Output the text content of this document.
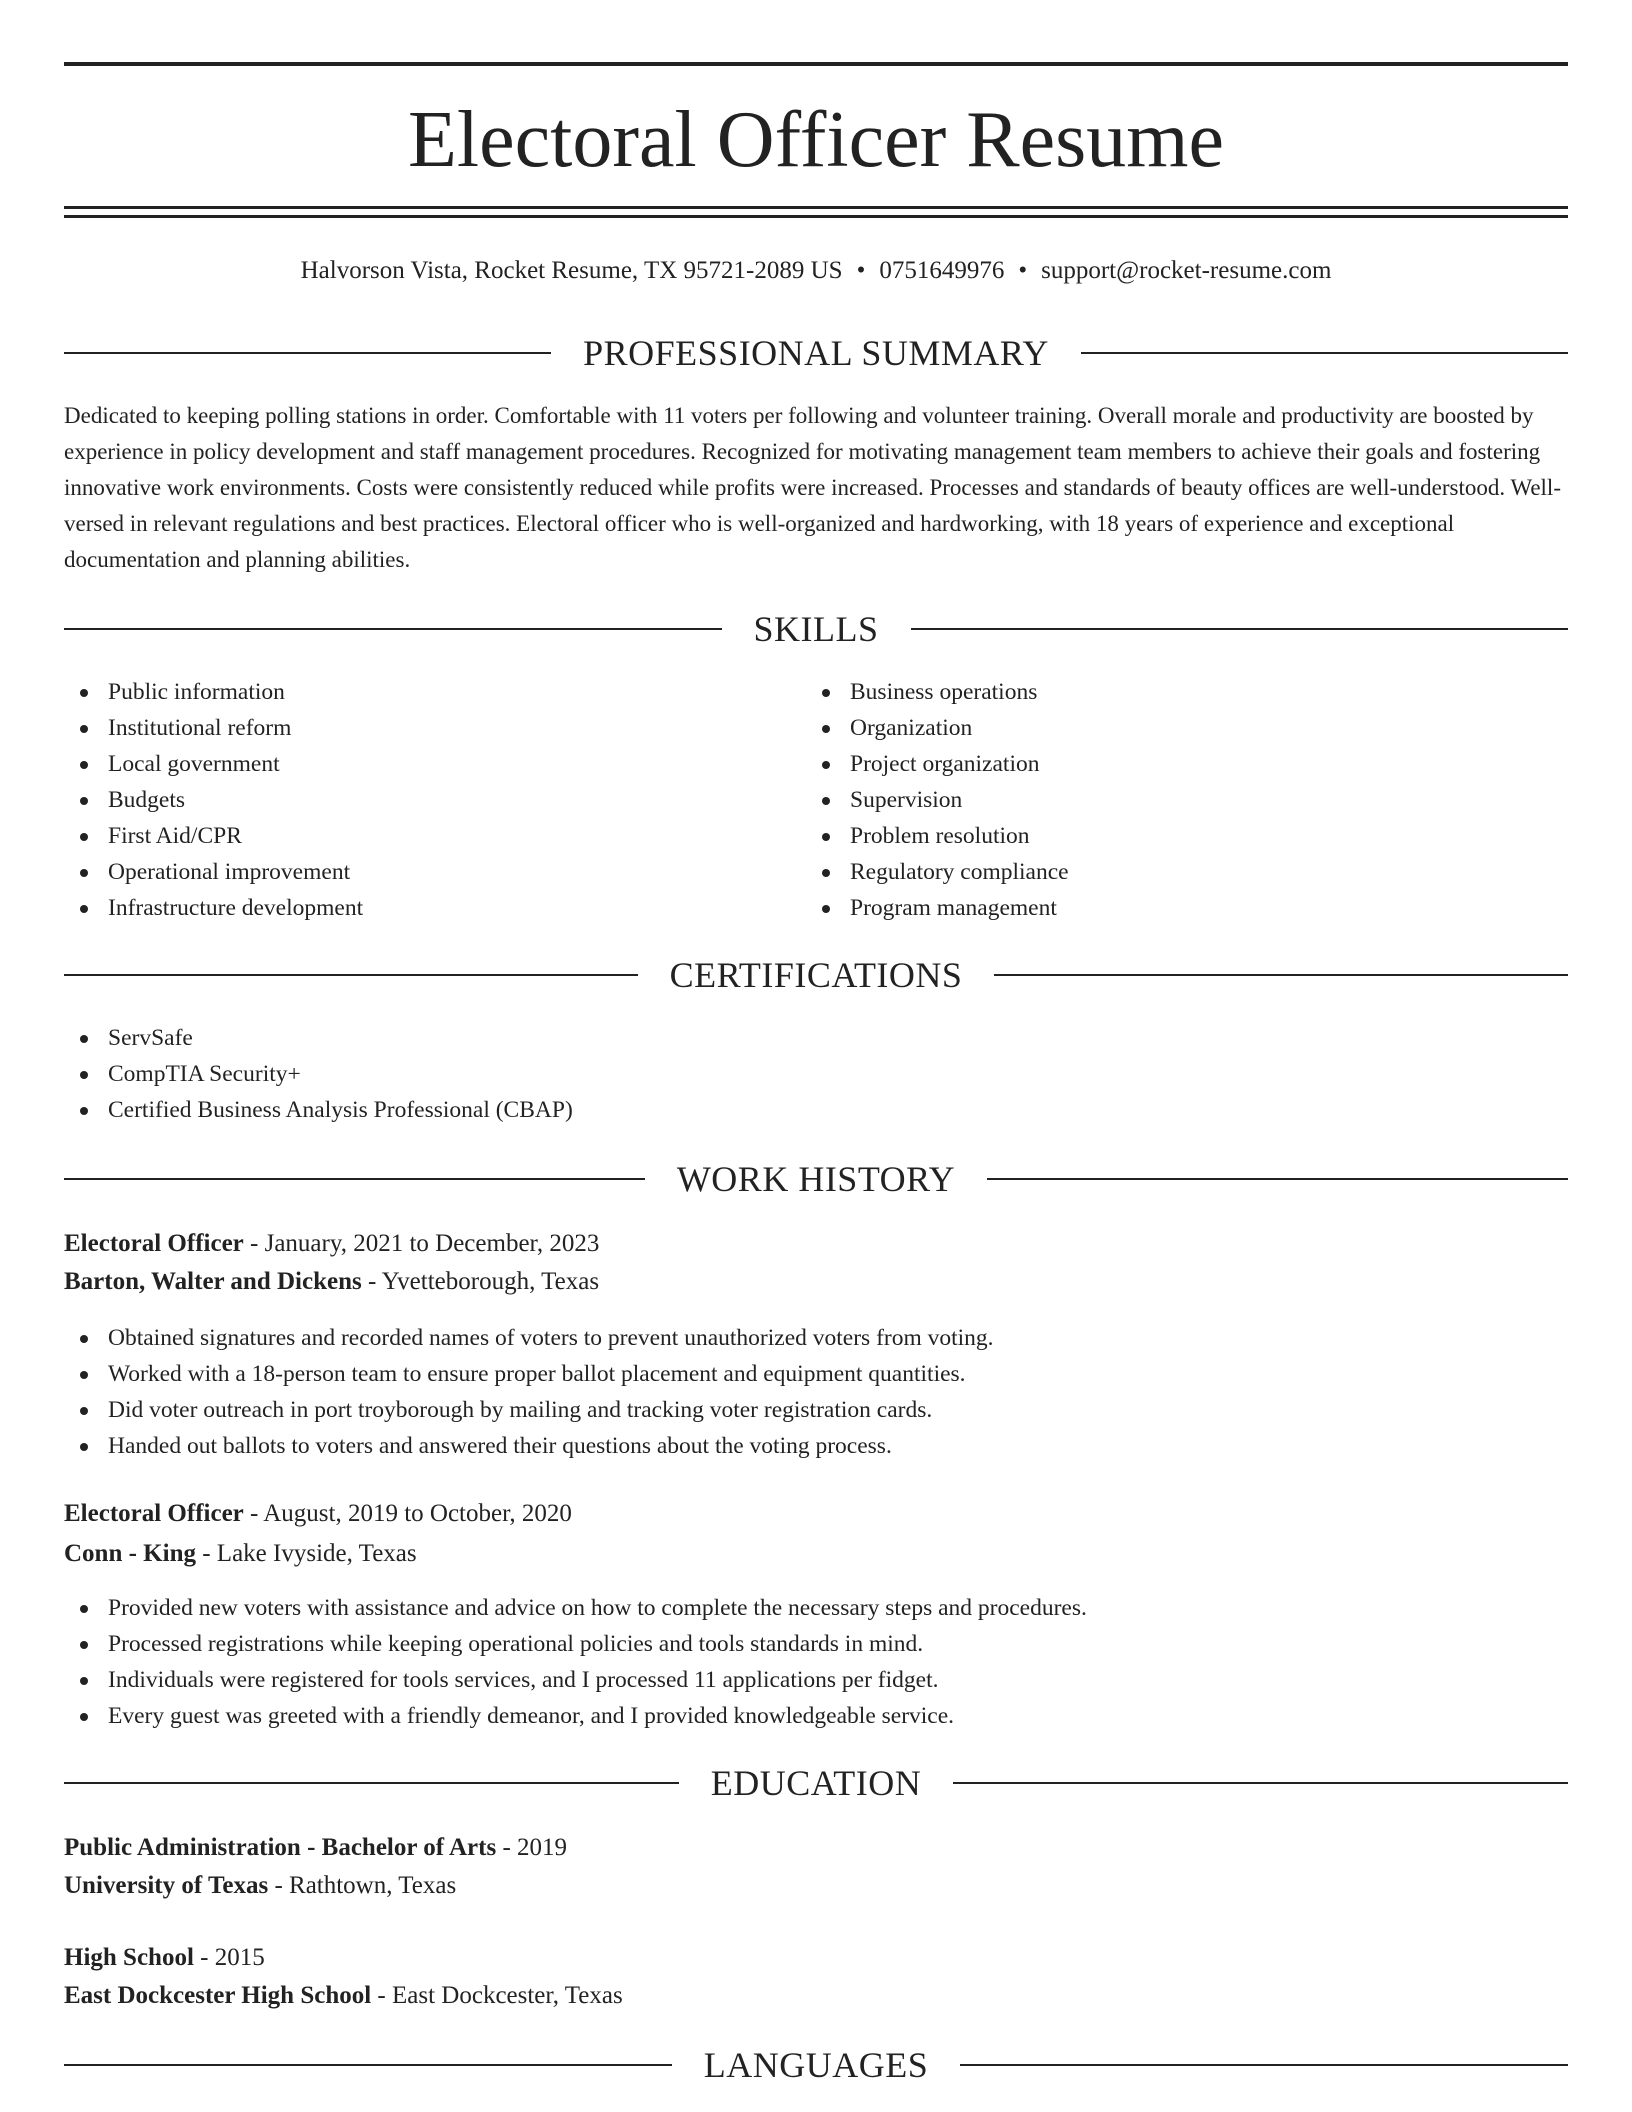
Electoral Officer Resume
Halvorson Vista, Rocket Resume, TX 95721-2089 US • 0751649976 • support@rocket-resume.com
PROFESSIONAL SUMMARY
Dedicated to keeping polling stations in order. Comfortable with 11 voters per following and volunteer training. Overall morale and productivity are boosted by experience in policy development and staff management procedures. Recognized for motivating management team members to achieve their goals and fostering innovative work environments. Costs were consistently reduced while profits were increased. Processes and standards of beauty offices are well-understood. Well-versed in relevant regulations and best practices. Electoral officer who is well-organized and hardworking, with 18 years of experience and exceptional documentation and planning abilities.
SKILLS
Public information
Institutional reform
Local government
Budgets
First Aid/CPR
Operational improvement
Infrastructure development
Business operations
Organization
Project organization
Supervision
Problem resolution
Regulatory compliance
Program management
CERTIFICATIONS
ServSafe
CompTIA Security+
Certified Business Analysis Professional (CBAP)
WORK HISTORY
Electoral Officer - January, 2021 to December, 2023
Barton, Walter and Dickens - Yvetteborough, Texas
Obtained signatures and recorded names of voters to prevent unauthorized voters from voting.
Worked with a 18-person team to ensure proper ballot placement and equipment quantities.
Did voter outreach in port troyborough by mailing and tracking voter registration cards.
Handed out ballots to voters and answered their questions about the voting process.
Electoral Officer - August, 2019 to October, 2020
Conn - King - Lake Ivyside, Texas
Provided new voters with assistance and advice on how to complete the necessary steps and procedures.
Processed registrations while keeping operational policies and tools standards in mind.
Individuals were registered for tools services, and I processed 11 applications per fidget.
Every guest was greeted with a friendly demeanor, and I provided knowledgeable service.
EDUCATION
Public Administration - Bachelor of Arts - 2019
University of Texas - Rathtown, Texas
High School - 2015
East Dockcester High School - East Dockcester, Texas
LANGUAGES
